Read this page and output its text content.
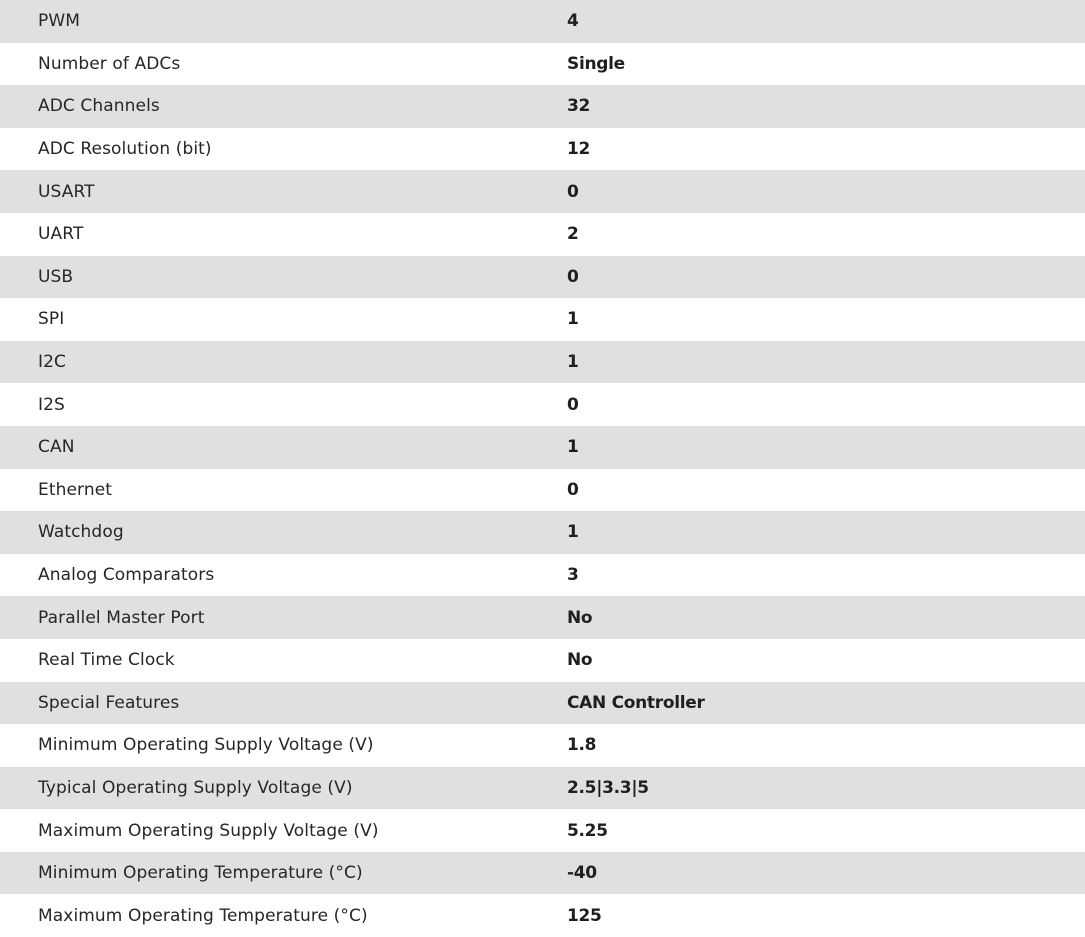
PWM	4
Number of ADCs	Single
ADC Channels	32
ADC Resolution (bit)	12
USART	0
UART	2
USB	0
SPI	1
I2C	1
I2S	0
CAN	1
Ethernet	0
Watchdog	1
Analog Comparators	3
Parallel Master Port	No
Real Time Clock	No
Special Features	CAN Controller
Minimum Operating Supply Voltage (V)	1.8
Typical Operating Supply Voltage (V)	2.5|3.3|5
Maximum Operating Supply Voltage (V)	5.25
Minimum Operating Temperature (°C)	-40
Maximum Operating Temperature (°C)	125
